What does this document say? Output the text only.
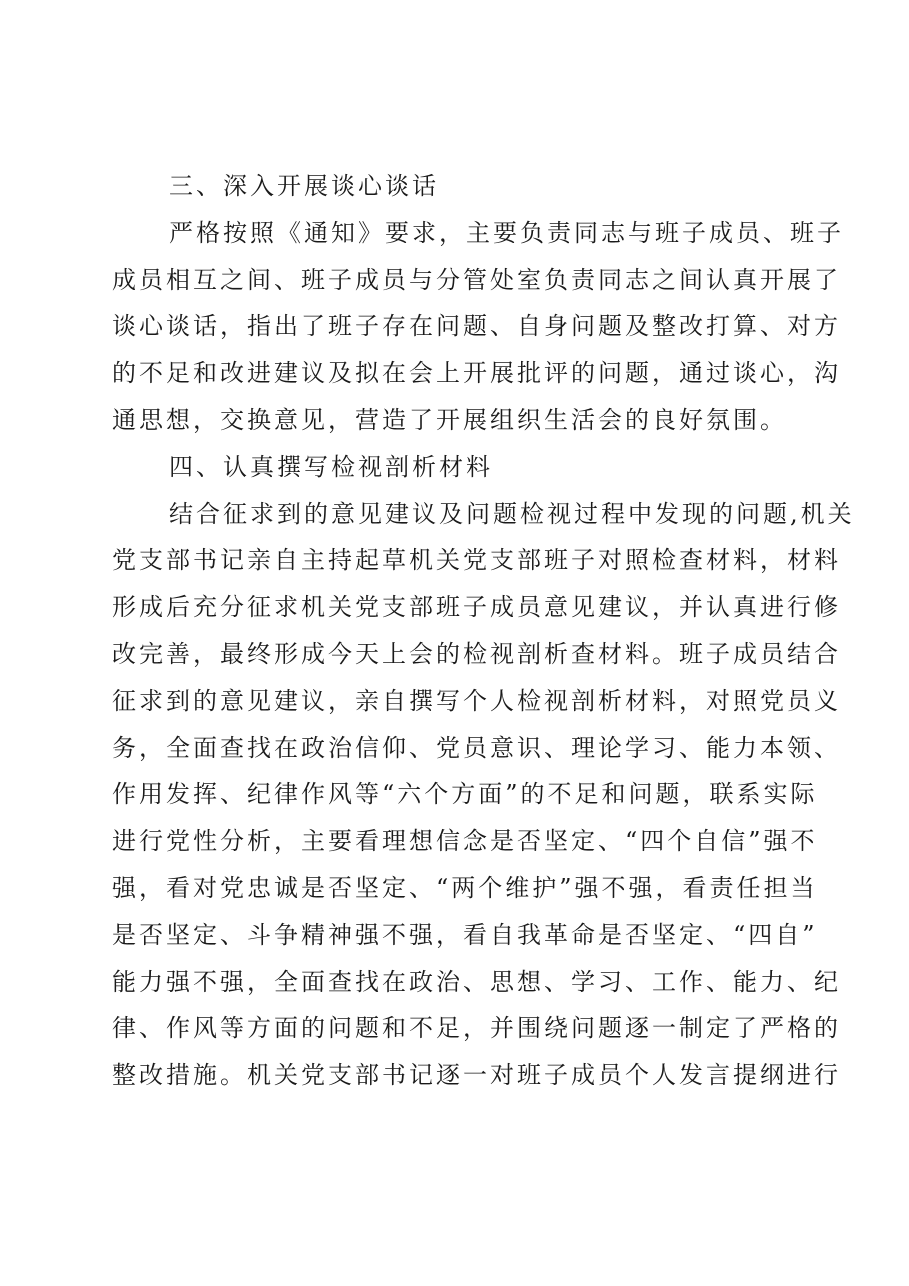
三、深入开展谈心谈话
严格按照《通知》要求，主要负责同志与班子成员、班子
成员相互之间、班子成员与分管处室负责同志之间认真开展了
谈心谈话，指出了班子存在问题、自身问题及整改打算、对方
的不足和改进建议及拟在会上开展批评的问题，通过谈心，沟
通思想，交换意见，营造了开展组织生活会的良好氛围。
四、认真撰写检视剖析材料
结合征求到的意见建议及问题检视过程中发现的问题,机关
党支部书记亲自主持起草机关党支部班子对照检查材料，材料
形成后充分征求机关党支部班子成员意见建议，并认真进行修
改完善，最终形成今天上会的检视剖析查材料。班子成员结合
征求到的意见建议，亲自撰写个人检视剖析材料，对照党员义
务，全面查找在政治信仰、党员意识、理论学习、能力本领、
作用发挥、纪律作风等“六个方面”的不足和问题，联系实际
进行党性分析，主要看理想信念是否坚定、“四个自信”强不
强，看对党忠诚是否坚定、“两个维护”强不强，看责任担当
是否坚定、斗争精神强不强，看自我革命是否坚定、“四自”
能力强不强，全面查找在政治、思想、学习、工作、能力、纪
律、作风等方面的问题和不足，并围绕问题逐一制定了严格的
整改措施。机关党支部书记逐一对班子成员个人发言提纲进行
